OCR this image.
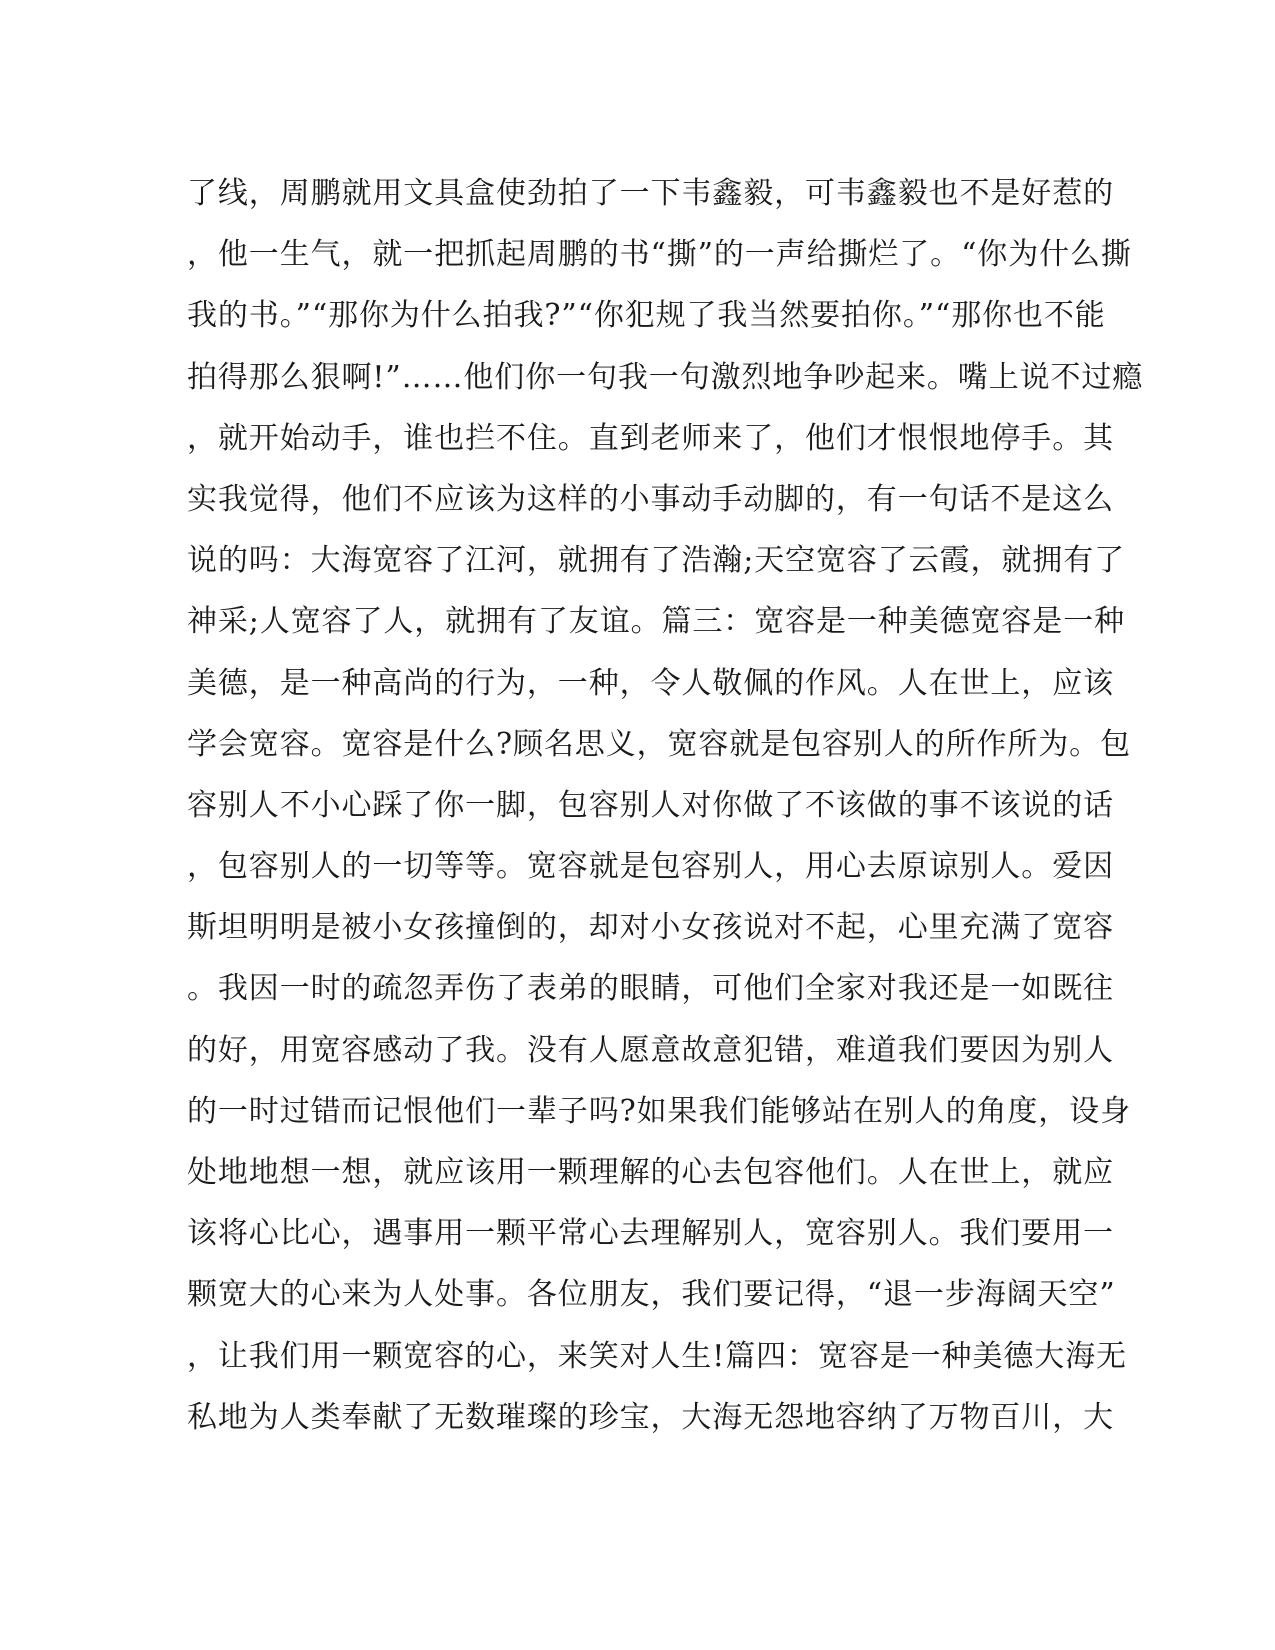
了线，周鹏就用文具盒使劲拍了一下韦鑫毅，可韦鑫毅也不是好惹的
，他一生气，就一把抓起周鹏的书“撕”的一声给撕烂了。“你为什么撕
我的书。”“那你为什么拍我?”“你犯规了我当然要拍你。”“那你也不能
拍得那么狠啊!”……他们你一句我一句激烈地争吵起来。嘴上说不过瘾
，就开始动手，谁也拦不住。直到老师来了，他们才恨恨地停手。其
实我觉得，他们不应该为这样的小事动手动脚的，有一句话不是这么
说的吗：大海宽容了江河，就拥有了浩瀚;天空宽容了云霞，就拥有了
神采;人宽容了人，就拥有了友谊。篇三：宽容是一种美德宽容是一种
美德，是一种高尚的行为，一种，令人敬佩的作风。人在世上，应该
学会宽容。宽容是什么?顾名思义，宽容就是包容别人的所作所为。包
容别人不小心踩了你一脚，包容别人对你做了不该做的事不该说的话
，包容别人的一切等等。宽容就是包容别人，用心去原谅别人。爱因
斯坦明明是被小女孩撞倒的，却对小女孩说对不起，心里充满了宽容
。我因一时的疏忽弄伤了表弟的眼睛，可他们全家对我还是一如既往
的好，用宽容感动了我。没有人愿意故意犯错，难道我们要因为别人
的一时过错而记恨他们一辈子吗?如果我们能够站在别人的角度，设身
处地地想一想，就应该用一颗理解的心去包容他们。人在世上，就应
该将心比心，遇事用一颗平常心去理解别人，宽容别人。我们要用一
颗宽大的心来为人处事。各位朋友，我们要记得，“退一步海阔天空”
，让我们用一颗宽容的心，来笑对人生!篇四：宽容是一种美德大海无
私地为人类奉献了无数璀璨的珍宝，大海无怨地容纳了万物百川，大
